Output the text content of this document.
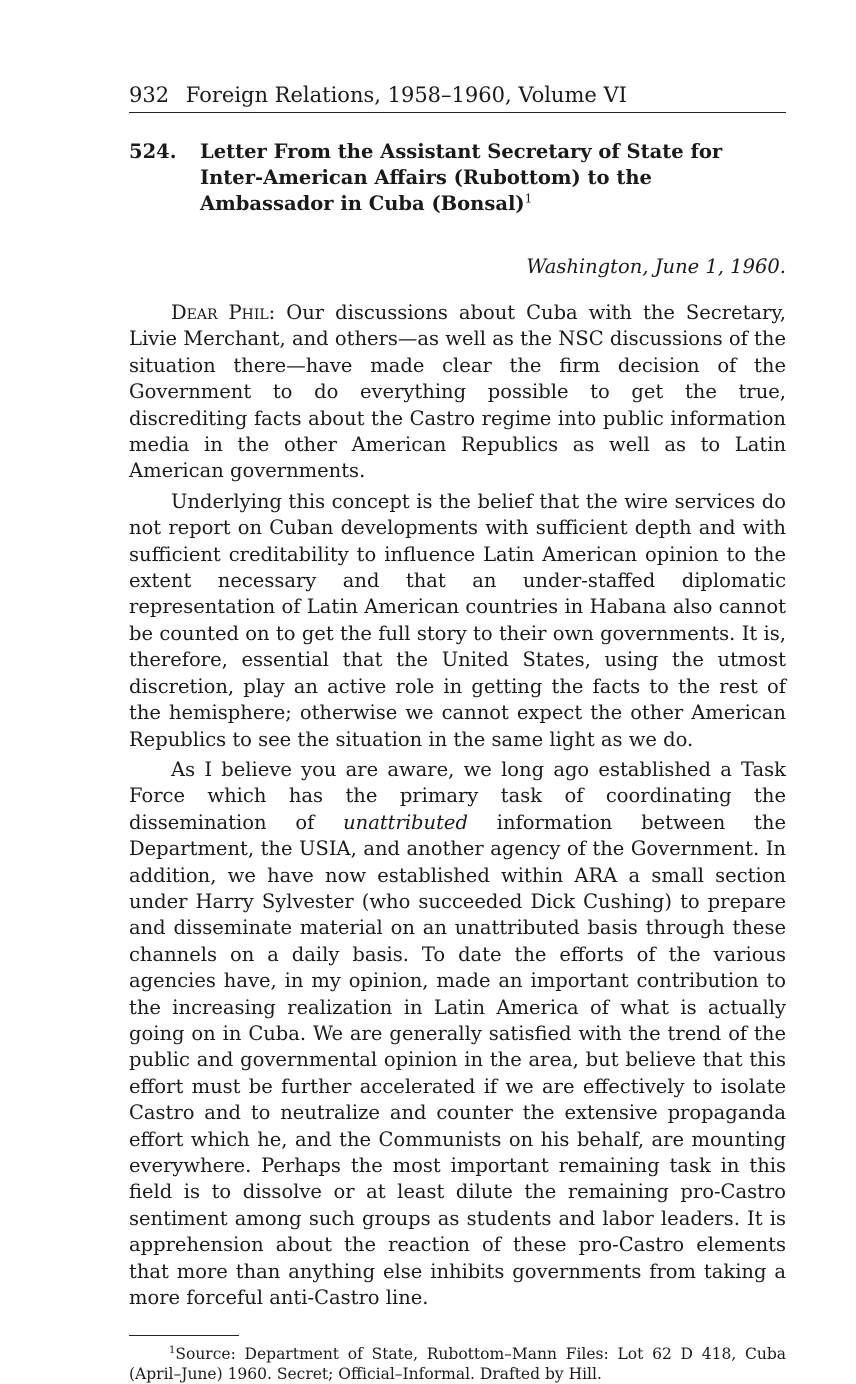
932 Foreign Relations, 1958–1960, Volume VI
524.	Letter From the Assistant Secretary of State for Inter-American Affairs (Rubottom) to the Ambassador in Cuba (Bonsal)$^1$
Washington, June 1, 1960.

Dear Phil: Our discussions about Cuba with the Secretary, Livie Merchant, and others—as well as the NSC discussions of the situation there—have made clear the firm decision of the Government to do everything possible to get the true, discrediting facts about the Castro regime into public information media in the other American Republics as well as to Latin American governments.

Underlying this concept is the belief that the wire services do not report on Cuban developments with sufficient depth and with sufficient creditability to influence Latin American opinion to the extent necessary and that an under-staffed diplomatic representation of Latin American countries in Habana also cannot be counted on to get the full story to their own governments. It is, therefore, essential that the United States, using the utmost discretion, play an active role in getting the facts to the rest of the hemisphere; otherwise we cannot expect the other American Republics to see the situation in the same light as we do.

As I believe you are aware, we long ago established a Task Force which has the primary task of coordinating the dissemination of unattributed information between the Department, the USIA, and another agency of the Government. In addition, we have now established within ARA a small section under Harry Sylvester (who succeeded Dick Cushing) to prepare and disseminate material on an unattributed basis through these channels on a daily basis. To date the efforts of the various agencies have, in my opinion, made an important contribution to the increasing realization in Latin America of what is actually going on in Cuba. We are generally satisfied with the trend of the public and governmental opinion in the area, but believe that this effort must be further accelerated if we are effectively to isolate Castro and to neutralize and counter the extensive propaganda effort which he, and the Communists on his behalf, are mounting everywhere. Perhaps the most important remaining task in this field is to dissolve or at least dilute the remaining pro-Castro sentiment among such groups as students and labor leaders. It is apprehension about the reaction of these pro-Castro elements that more than anything else inhibits governments from taking a more forceful anti-Castro line.

$^1$Source: Department of State, Rubottom–Mann Files: Lot 62 D 418, Cuba (April–June) 1960. Secret; Official–Informal. Drafted by Hill.
